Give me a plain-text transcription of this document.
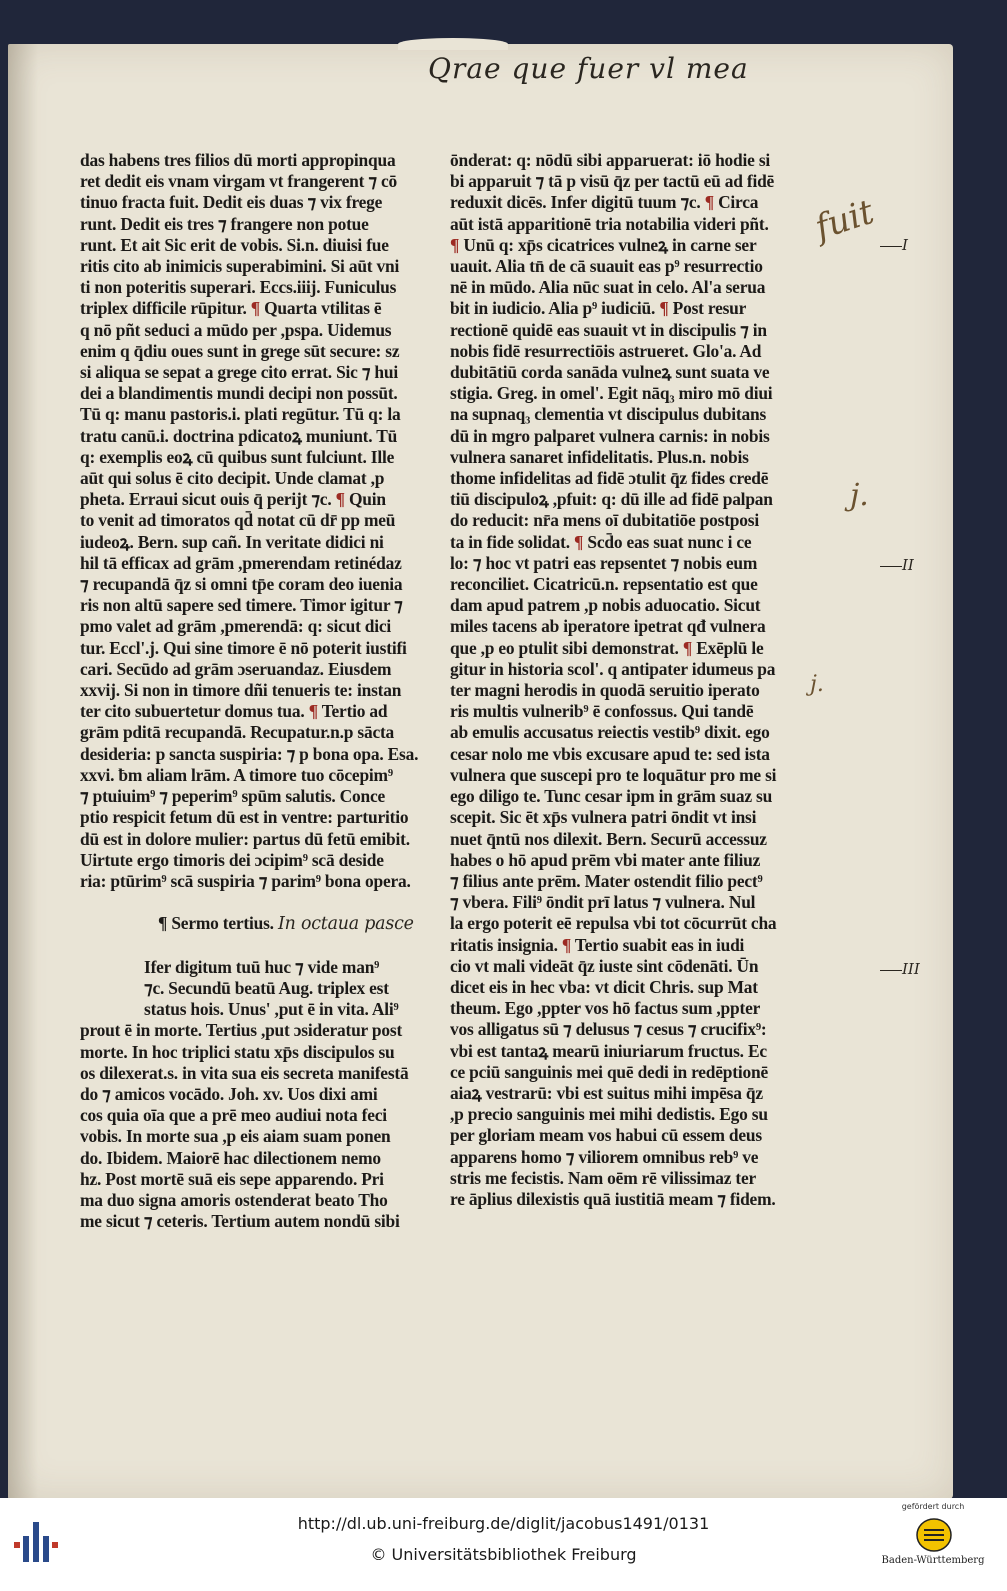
Qrae que fuer vl mea
das habens tres filios dū morti appropinqua
ret dedit eis vnam virgam vt frangerent ⁊ cō
tinuo fracta fuit. Dedit eis duas ⁊ vix frege
runt. Dedit eis tres ⁊ frangere non potue
runt. Et ait Sic erit de vobis. Si.n. diuisi fue
ritis cito ab inimicis superabimini. Si aūt vni
ti non poteritis superari. Eccs.iiij. Funiculus
triplex difficile rūpitur. ¶ Quarta vtilitas ē
q nō pñt seduci a mūdo per ,pspa. Uidemus
enim q q̄diu oues sunt in grege sūt secure: sz
si aliqua se sepat a grege cito errat. Sic ⁊ hui
dei a blandimentis mundi decipi non possūt.
Tū q: manu pastoris.i. plati regūtur. Tū q: la
tratu canū.i. doctrina pdicatoꝝ muniunt. Tū
q: exemplis eoꝝ cū quibus sunt fulciunt. Ille
aūt qui solus ē cito decipit. Unde clamat ,p
pheta. Erraui sicut ouis q̄ perijt ⁊c. ¶ Quin
to venit ad timoratos qd̄ notat cū dr̄ pp meū
iudeoꝝ. Bern. sup cañ. In veritate didici ni
hil tā efficax ad grām ,pmerendam retinédaz
⁊ recupandā q̄z si omni tp̄e coram deo iuenia
ris non altū sapere sed timere. Timor igitur ⁊
pmo valet ad grām ,pmerendā: q: sicut dici
tur. Eccl'.j. Qui sine timore ē nō poterit iustifi
cari. Secūdo ad grām ɔseruandaz. Eiusdem
xxvij. Si non in timore dñi tenueris te: instan
ter cito subuertetur domus tua. ¶ Tertio ad
grām pditā recupandā. Recupatur.n.p sācta
desideria: p sancta suspiria: ⁊ p bona opa. Esa.
xxvi. ƀm aliam lrām. A timore tuo cōcepim⁹
⁊ ptuiuim⁹ ⁊ peperim⁹ spūm salutis. Conce
ptio respicit fetum dū est in ventre: parturitio
dū est in dolore mulier: partus dū fetū emibit.
Uirtute ergo timoris dei ɔcipim⁹ scā deside
ria: ptūrim⁹ scā suspiria ⁊ parim⁹ bona opera.
¶ Sermo tertius. In octaua pasce
Ifer digitum tuū huc ⁊ vide man⁹
⁊c. Secundū beatū Aug. triplex est
status hois. Unus' ,put ē in vita. Ali⁹
prout ē in morte. Tertius ,put ɔsideratur post
morte. In hoc triplici statu xp̄s discipulos su
os dilexerat.s. in vita sua eis secreta manifestā
do ⁊ amicos vocādo. Joh. xv. Uos dixi ami
cos quia oīa que a prē meo audiui nota feci
vobis. In morte sua ,p eis aiam suam ponen
do. Ibidem. Maiorē hac dilectionem nemo
hz. Post mortē suā eis sepe apparendo. Pri
ma duo signa amoris ostenderat beato Tho
me sicut ⁊ ceteris. Tertium autem nondū sibi
ōnderat: q: nōdū sibi apparuerat: iō hodie si
bi apparuit ⁊ tā p visū q̄z per tactū eū ad fidē
reduxit dicēs. Infer digitū tuum ⁊c. ¶ Circa
aūt istā apparitionē tria notabilia videri pñt.
¶ Unū q: xp̄s cicatrices vulneꝝ in carne ser
uauit. Alia tn̄ de cā suauit eas p⁹ resurrectio
nē in mūdo. Alia nūc suat in celo. Al'a serua
bit in iudicio. Alia p⁹ iudiciū. ¶ Post resur
rectionē quidē eas suauit vt in discipulis ⁊ in
nobis fidē resurrectiōis astrueret. Glo'a. Ad
dubitātiū corda sanāda vulneꝝ sunt suata ve
stigia. Greg. in omel'. Egit nāq₃ miro mō diui
na supnaq₃ clementia vt discipulus dubitans
dū in mgro palparet vulnera carnis: in nobis
vulnera sanaret infidelitatis. Plus.n. nobis
thome infidelitas ad fidē ɔtulit q̄z fides credē
tiū discipuloꝝ ,pfuit: q: dū ille ad fidē palpan
do reducit: nr̄a mens oī dubitatiōe postposi
ta in fide solidat. ¶ Scd̄o eas suat nunc i ce
lo: ⁊ hoc vt patri eas repsentet ⁊ nobis eum
reconciliet. Cicatricū.n. repsentatio est que
dam apud patrem ,p nobis aduocatio. Sicut
miles tacens ab iperatore ipetrat qđ vulnera
que ,p eo ptulit sibi demonstrat. ¶ Exēplū le
gitur in historia scol'. q antipater idumeus pa
ter magni herodis in quodā seruitio iperato
ris multis vulnerib⁹ ē confossus. Qui tandē
ab emulis accusatus reiectis vestib⁹ dixit. ego
cesar nolo me vbis excusare apud te: sed ista
vulnera que suscepi pro te loquātur pro me si
ego diligo te. Tunc cesar ipm in grām suaz su
scepit. Sic ēt xp̄s vulnera patri ōndit vt insi
nuet q̄ntū nos dilexit. Bern. Securū accessuz
habes o hō apud prēm vbi mater ante filiuz
⁊ filius ante prēm. Mater ostendit filio pect⁹
⁊ vbera. Fili⁹ ōndit prī latus ⁊ vulnera. Nul
la ergo poterit eē repulsa vbi tot cōcurrūt cha
ritatis insignia. ¶ Tertio suabit eas in iudi
cio vt mali videāt q̄z iuste sint cōdenāti. Ūn
dicet eis in hec vba: vt dicit Chris. sup Mat
theum. Ego ,ppter vos hō factus sum ,ppter
vos alligatus sū ⁊ delusus ⁊ cesus ⁊ crucifix⁹:
vbi est tantaꝝ mearū iniuriarum fructus. Ec
ce pciū sanguinis mei quē dedi in redēptionē
aiaꝝ vestrarū: vbi est suitus mihi impēsa q̄z
,p precio sanguinis mei mihi dedistis. Ego su
per gloriam meam vos habui cū essem deus
apparens homo ⁊ viliorem omnibus reb⁹ ve
stris me fecistis. Nam oēm rē vilissimaz ter
re āplius dilexistis quā iustitiā meam ⁊ fidem.
fuit
j.
j.
I
II
III
http://dl.ub.uni-freiburg.de/diglit/jacobus1491/0131
© Universitätsbibliothek Freiburg
gefördert durch
Baden-Württemberg
